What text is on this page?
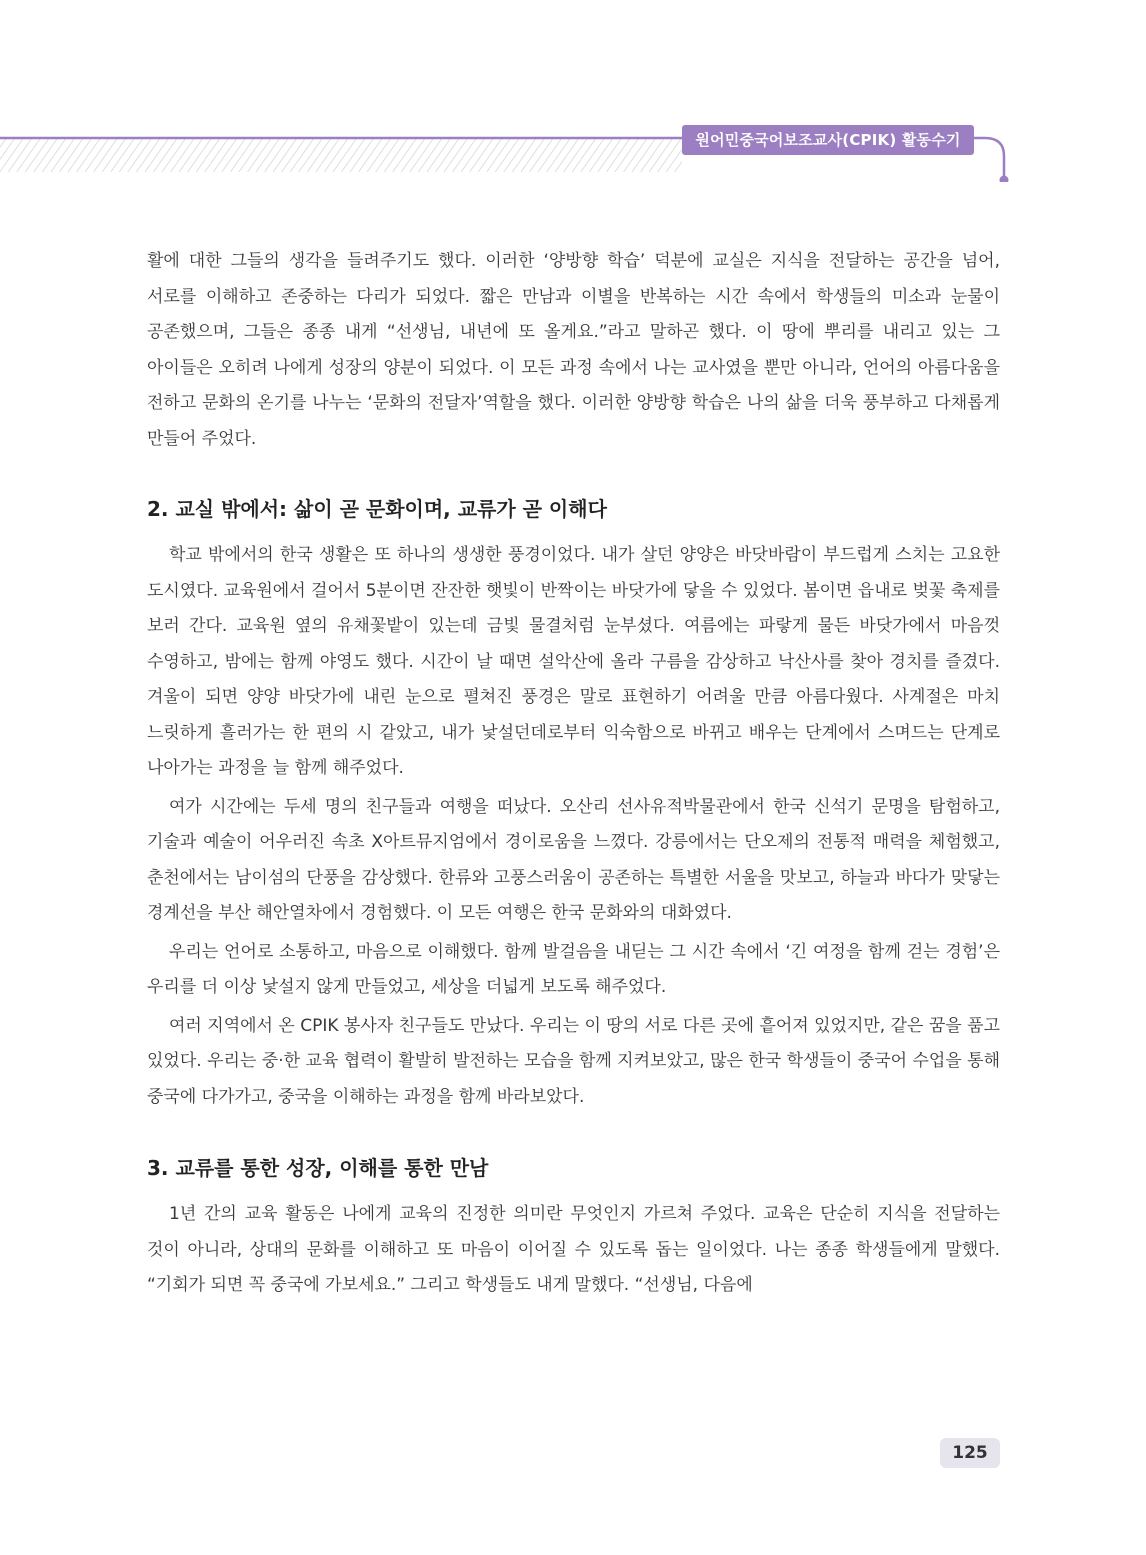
원어민중국어보조교사(CPIK) 활동수기

활에 대한 그들의 생각을 들려주기도 했다. 이러한 ‘양방향 학습’ 덕분에 교실은 지식을 전달하는 공간을 넘어, 서로를 이해하고 존중하는 다리가 되었다. 짧은 만남과 이별을 반복하는 시간 속에서 학생들의 미소과 눈물이 공존했으며, 그들은 종종 내게 “선생님, 내년에 또 올게요.”라고 말하곤 했다. 이 땅에 뿌리를 내리고 있는 그 아이들은 오히려 나에게 성장의 양분이 되었다. 이 모든 과정 속에서 나는 교사였을 뿐만 아니라, 언어의 아름다움을 전하고 문화의 온기를 나누는 ‘문화의 전달자’역할을 했다. 이러한 양방향 학습은 나의 삶을 더욱 풍부하고 다채롭게 만들어 주었다.

2. 교실 밖에서: 삶이 곧 문화이며, 교류가 곧 이해다

학교 밖에서의 한국 생활은 또 하나의 생생한 풍경이었다. 내가 살던 양양은 바닷바람이 부드럽게 스치는 고요한 도시였다. 교육원에서 걸어서 5분이면 잔잔한 햇빛이 반짝이는 바닷가에 닿을 수 있었다. 봄이면 읍내로 벚꽃 축제를 보러 간다. 교육원 옆의 유채꽃밭이 있는데 금빛 물결처럼 눈부셨다. 여름에는 파랗게 물든 바닷가에서 마음껏 수영하고, 밤에는 함께 야영도 했다. 시간이 날 때면 설악산에 올라 구름을 감상하고 낙산사를 찾아 경치를 즐겼다. 겨울이 되면 양양 바닷가에 내린 눈으로 펼쳐진 풍경은 말로 표현하기 어려울 만큼 아름다웠다. 사계절은 마치 느릿하게 흘러가는 한 편의 시 같았고, 내가 낯설던데로부터 익숙함으로 바뀌고 배우는 단계에서 스며드는 단계로 나아가는 과정을 늘 함께 해주었다.

여가 시간에는 두세 명의 친구들과 여행을 떠났다. 오산리 선사유적박물관에서 한국 신석기 문명을 탐험하고, 기술과 예술이 어우러진 속초 X아트뮤지엄에서 경이로움을 느꼈다. 강릉에서는 단오제의 전통적 매력을 체험했고, 춘천에서는 남이섬의 단풍을 감상했다. 한류와 고풍스러움이 공존하는 특별한 서울을 맛보고, 하늘과 바다가 맞닿는 경계선을 부산 해안열차에서 경험했다. 이 모든 여행은 한국 문화와의 대화였다.

우리는 언어로 소통하고, 마음으로 이해했다. 함께 발걸음을 내딛는 그 시간 속에서 ‘긴 여정을 함께 걷는 경험’은 우리를 더 이상 낯설지 않게 만들었고, 세상을 더넓게 보도록 해주었다.

여러 지역에서 온 CPIK 봉사자 친구들도 만났다. 우리는 이 땅의 서로 다른 곳에 흩어져 있었지만, 같은 꿈을 품고 있었다. 우리는 중·한 교육 협력이 활발히 발전하는 모습을 함께 지켜보았고, 많은 한국 학생들이 중국어 수업을 통해 중국에 다가가고, 중국을 이해하는 과정을 함께 바라보았다.

3. 교류를 통한 성장, 이해를 통한 만남

1년 간의 교육 활동은 나에게 교육의 진정한 의미란 무엇인지 가르쳐 주었다. 교육은 단순히 지식을 전달하는 것이 아니라, 상대의 문화를 이해하고 또 마음이 이어질 수 있도록 돕는 일이었다. 나는 종종 학생들에게 말했다. “기회가 되면 꼭 중국에 가보세요.” 그리고 학생들도 내게 말했다. “선생님, 다음에

125
